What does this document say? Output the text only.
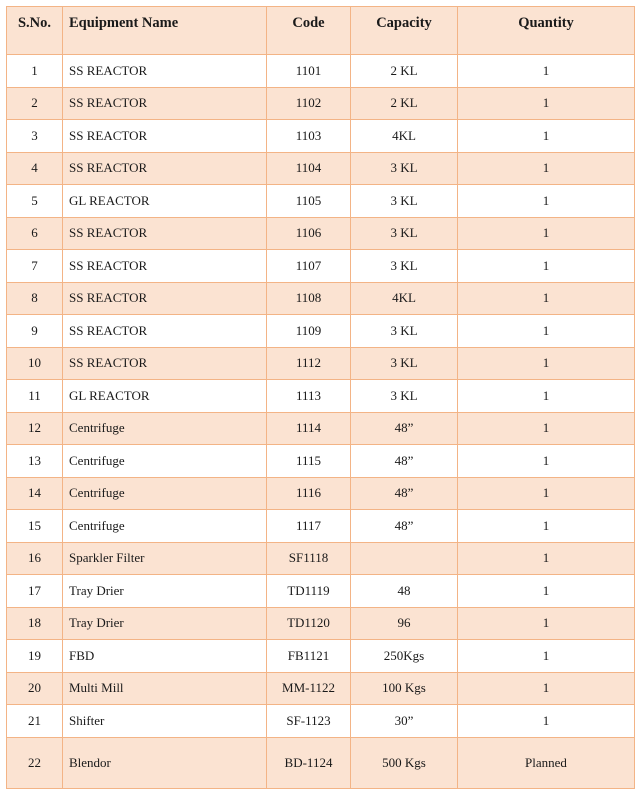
S.No.	Equipment Name	Code	Capacity	Quantity
1	SS REACTOR	1101	2 KL	1
2	SS REACTOR	1102	2 KL	1
3	SS REACTOR	1103	4KL	1
4	SS REACTOR	1104	3 KL	1
5	GL REACTOR	1105	3 KL	1
6	SS REACTOR	1106	3 KL	1
7	SS REACTOR	1107	3 KL	1
8	SS REACTOR	1108	4KL	1
9	SS REACTOR	1109	3 KL	1
10	SS REACTOR	1112	3 KL	1
11	GL REACTOR	1113	3 KL	1
12	Centrifuge	1114	48”	1
13	Centrifuge	1115	48”	1
14	Centrifuge	1116	48”	1
15	Centrifuge	1117	48”	1
16	Sparkler Filter	SF1118		1
17	Tray Drier	TD1119	48	1
18	Tray Drier	TD1120	96	1
19	FBD	FB1121	250Kgs	1
20	Multi Mill	MM-1122	100 Kgs	1
21	Shifter	SF-1123	30”	1
22	Blendor	BD-1124	500 Kgs	Planned
